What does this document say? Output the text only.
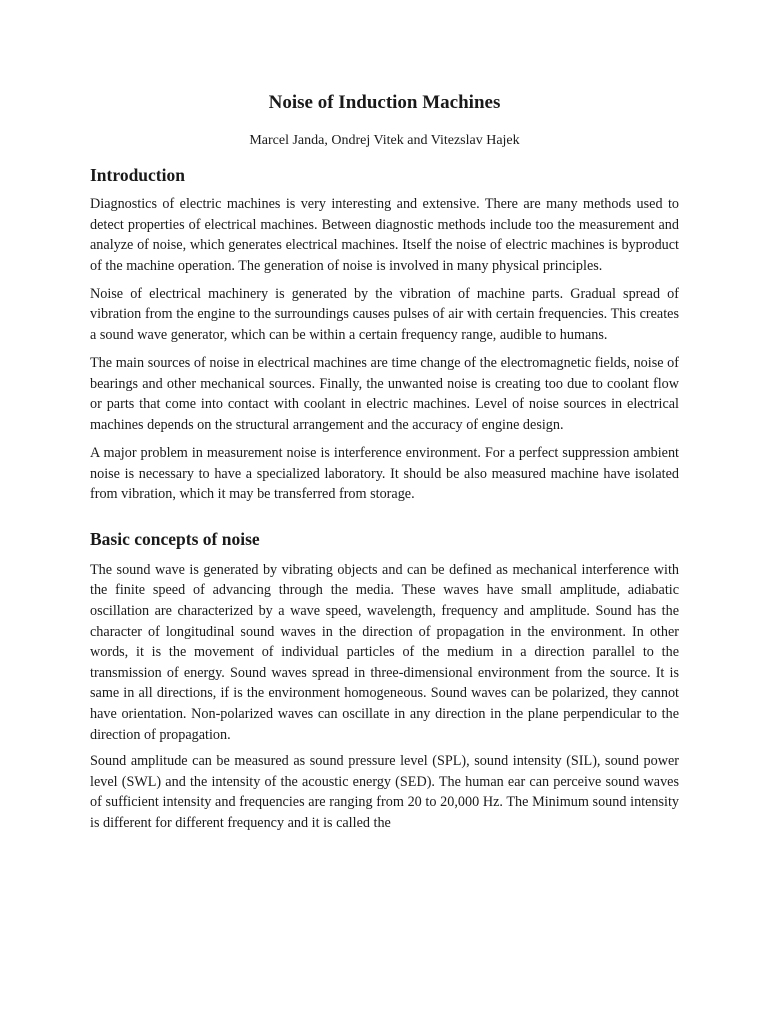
Noise of Induction Machines
Marcel Janda, Ondrej Vitek and Vitezslav Hajek
Introduction

Diagnostics of electric machines is very interesting and extensive. There are many methods used to detect properties of electrical machines. Between diagnostic methods include too the measurement and analyze of noise, which generates electrical machines. Itself the noise of electric machines is byproduct of the machine operation. The generation of noise is involved in many physical principles.

Noise of electrical machinery is generated by the vibration of machine parts. Gradual spread of vibration from the engine to the surroundings causes pulses of air with certain frequencies. This creates a sound wave generator, which can be within a certain frequency range, audible to humans.

The main sources of noise in electrical machines are time change of the electromagnetic fields, noise of bearings and other mechanical sources. Finally, the unwanted noise is creating too due to coolant flow or parts that come into contact with coolant in electric machines. Level of noise sources in electrical machines depends on the structural arrangement and the accuracy of engine design.

A major problem in measurement noise is interference environment. For a perfect suppression ambient noise is necessary to have a specialized laboratory. It should be also measured machine have isolated from vibration, which it may be transferred from storage.

Basic concepts of noise

The sound wave is generated by vibrating objects and can be defined as mechanical interference with the finite speed of advancing through the media. These waves have small amplitude, adiabatic oscillation are characterized by a wave speed, wavelength, frequency and amplitude. Sound has the character of longitudinal sound waves in the direction of propagation in the environment. In other words, it is the movement of individual particles of the medium in a direction parallel to the transmission of energy. Sound waves spread in three-dimensional environment from the source. It is same in all directions, if is the environment homogeneous. Sound waves can be polarized, they cannot have orientation. Non-polarized waves can oscillate in any direction in the plane perpendicular to the direction of propagation.

Sound amplitude can be measured as sound pressure level (SPL), sound intensity (SIL), sound power level (SWL) and the intensity of the acoustic energy (SED). The human ear can perceive sound waves of sufficient intensity and frequencies are ranging from 20 to 20,000 Hz. The Minimum sound intensity is different for different frequency and it is called the
